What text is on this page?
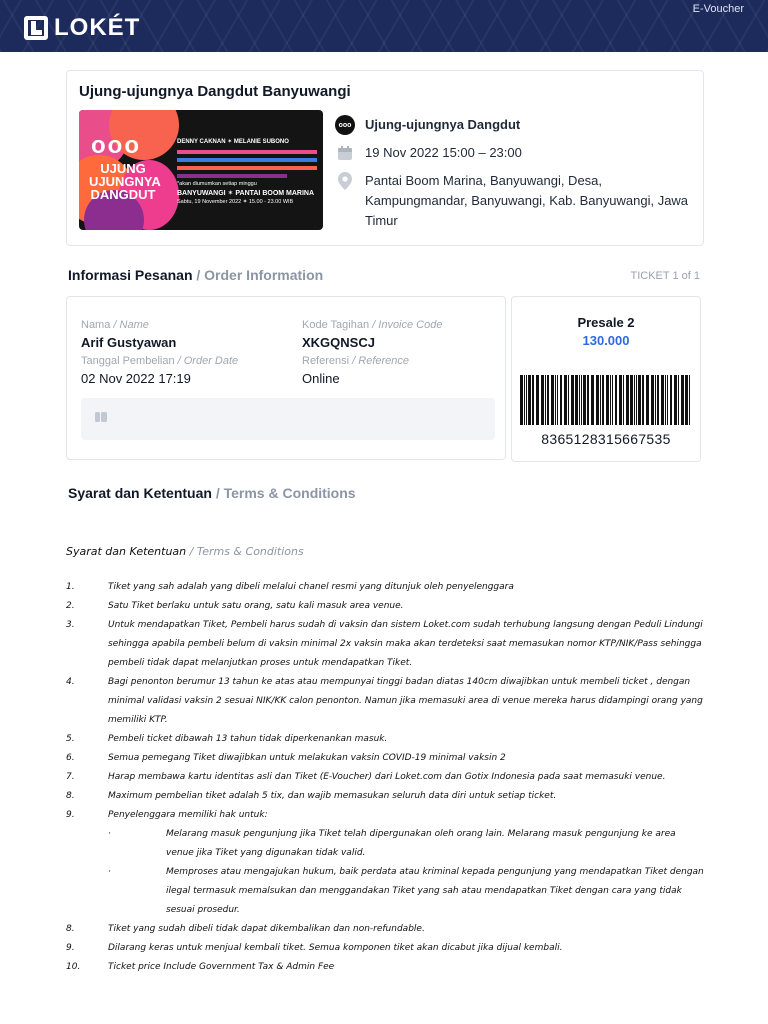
LOKÉT
E-Voucher
Ujung-ujungnya Dangdut Banyuwangi
ooo
UJUNG UJUNGNYA DANGDUT
DENNY CAKNAN ✶ MELANIE SUBONO
*akan diumumkan setiap minggu
BANYUWANGI ✶ PANTAI BOOM MARINA
Sabtu, 19 November 2022 ✶ 15.00 - 23.00 WIB
ooo Ujung-ujungnya Dangdut
19 Nov 2022 15:00 – 23:00
Pantai Boom Marina, Banyuwangi, Desa, Kampungmandar, Banyuwangi, Kab. Banyuwangi, Jawa Timur
Informasi Pesanan / Order Information	TICKET 1 of 1
Nama / Name
Arif Gustyawan
Kode Tagihan / Invoice Code
XKGQNSCJ
Tanggal Pembelian / Order Date
02 Nov 2022 17:19
Referensi / Reference
Online
Presale 2
130.000
8365128315667535
Syarat dan Ketentuan / Terms & Conditions
Syarat dan Ketentuan / Terms & Conditions
1.	Tiket yang sah adalah yang dibeli melalui chanel resmi yang ditunjuk oleh penyelenggara
2.	Satu Tiket berlaku untuk satu orang, satu kali masuk area venue.
3.	Untuk mendapatkan Tiket, Pembeli harus sudah di vaksin dan sistem Loket.com sudah terhubung langsung dengan Peduli Lindungi sehingga apabila pembeli belum di vaksin minimal 2x vaksin maka akan terdeteksi saat memasukan nomor KTP/NIK/Pass sehingga pembeli tidak dapat melanjutkan proses untuk mendapatkan Tiket.
4.	Bagi penonton berumur 13 tahun ke atas atau mempunyai tinggi badan diatas 140cm diwajibkan untuk membeli ticket , dengan minimal validasi vaksin 2 sesuai NIK/KK calon penonton. Namun jika memasuki area di venue mereka harus didampingi orang yang memiliki KTP.
5.	Pembeli ticket dibawah 13 tahun tidak diperkenankan masuk.
6.	Semua pemegang Tiket diwajibkan untuk melakukan vaksin COVID-19 minimal vaksin 2
7.	Harap membawa kartu identitas asli dan Tiket (E-Voucher) dari Loket.com dan Gotix Indonesia pada saat memasuki venue.
8.	Maximum pembelian tiket adalah 5 tix, dan wajib memasukan seluruh data diri untuk setiap ticket.
9.	Penyelenggara memiliki hak untuk:
·	Melarang masuk pengunjung jika Tiket telah dipergunakan oleh orang lain. Melarang masuk pengunjung ke area venue jika Tiket yang digunakan tidak valid.
·	Memproses atau mengajukan hukum, baik perdata atau kriminal kepada pengunjung yang mendapatkan Tiket dengan ilegal termasuk memalsukan dan menggandakan Tiket yang sah atau mendapatkan Tiket dengan cara yang tidak sesuai prosedur.
8.	Tiket yang sudah dibeli tidak dapat dikembalikan dan non-refundable.
9.	Dilarang keras untuk menjual kembali tiket. Semua komponen tiket akan dicabut jika dijual kembali.
10.	Ticket price Include Government Tax & Admin Fee
